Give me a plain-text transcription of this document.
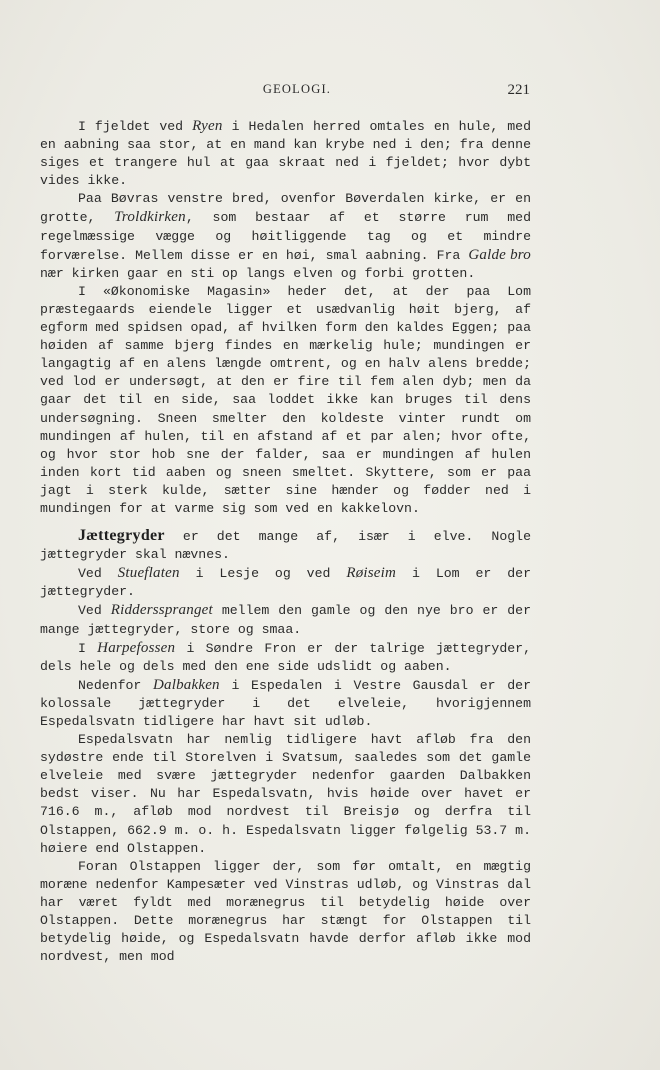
GEOLOGI.	221

I fjeldet ved Ryen i Hedalen herred omtales en hule, med en aabning saa stor, at en mand kan krybe ned i den; fra denne siges et trangere hul at gaa skraat ned i fjeldet; hvor dybt vides ikke.

Paa Bøvras venstre bred, ovenfor Bøverdalen kirke, er en grotte, Troldkirken, som bestaar af et større rum med regelmæssige vægge og høitliggende tag og et mindre forværelse. Mellem disse er en høi, smal aabning. Fra Galde bro nær kirken gaar en sti op langs elven og forbi grotten.

I «Økonomiske Magasin» heder det, at der paa Lom præstegaards eiendele ligger et usædvanlig høit bjerg, af egform med spidsen opad, af hvilken form den kaldes Eggen; paa høiden af samme bjerg findes en mærkelig hule; mundingen er langagtig af en alens længde omtrent, og en halv alens bredde; ved lod er undersøgt, at den er fire til fem alen dyb; men da gaar det til en side, saa loddet ikke kan bruges til dens undersøgning. Sneen smelter den koldeste vinter rundt om mundingen af hulen, til en afstand af et par alen; hvor ofte, og hvor stor hob sne der falder, saa er mundingen af hulen inden kort tid aaben og sneen smeltet. Skyttere, som er paa jagt i sterk kulde, sætter sine hænder og fødder ned i mundingen for at varme sig som ved en kakkelovn.

Jættegryder er det mange af, især i elve. Nogle jættegryder skal nævnes.

Ved Stueflaten i Lesje og ved Røiseim i Lom er der jættegryder.

Ved Riddersspranget mellem den gamle og den nye bro er der mange jættegryder, store og smaa.

I Harpefossen i Søndre Fron er der talrige jættegryder, dels hele og dels med den ene side udslidt og aaben.

Nedenfor Dalbakken i Espedalen i Vestre Gausdal er der kolossale jættegryder i det elveleie, hvorigjennem Espedalsvatn tidligere har havt sit udløb.

Espedalsvatn har nemlig tidligere havt afløb fra den sydøstre ende til Storelven i Svatsum, saaledes som det gamle elveleie med svære jættegryder nedenfor gaarden Dalbakken bedst viser. Nu har Espedalsvatn, hvis høide over havet er 716.6 m., afløb mod nordvest til Breisjø og derfra til Olstappen, 662.9 m. o. h. Espedalsvatn ligger følgelig 53.7 m. høiere end Olstappen.

Foran Olstappen ligger der, som før omtalt, en mægtig moræne nedenfor Kampesæter ved Vinstras udløb, og Vinstras dal har været fyldt med morænegrus til betydelig høide over Olstappen. Dette morænegrus har stængt for Olstappen til betydelig høide, og Espedalsvatn havde derfor afløb ikke mod nordvest, men mod
